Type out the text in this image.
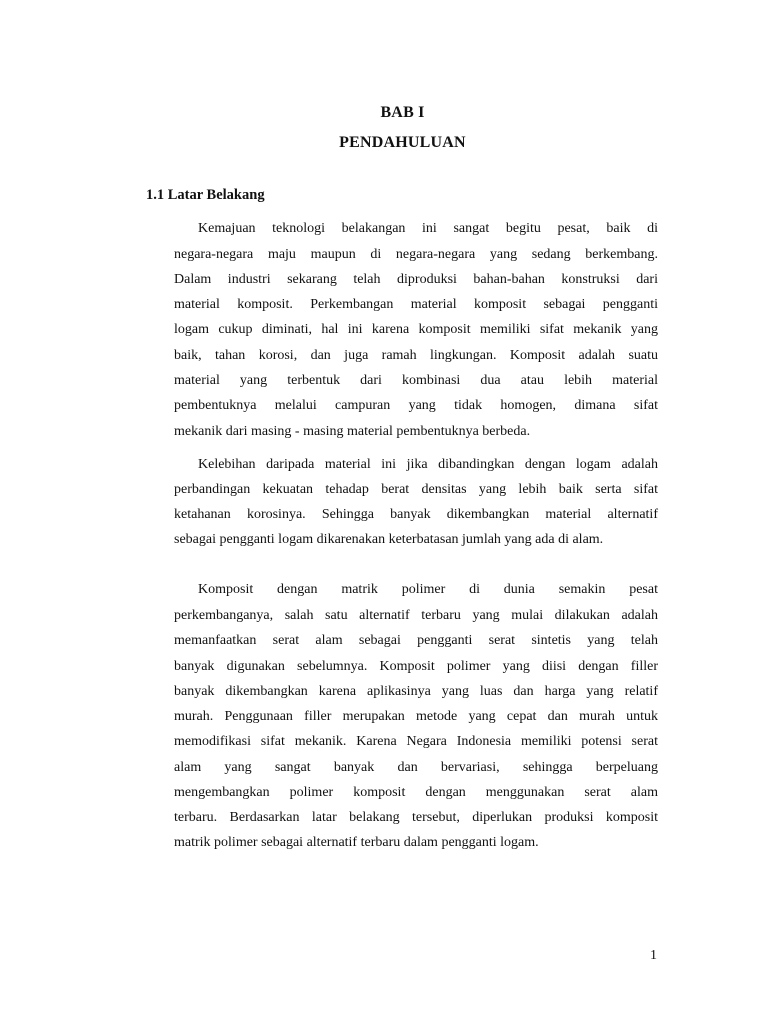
BAB I
PENDAHULUAN
1.1 Latar Belakang
Kemajuan teknologi belakangan ini sangat begitu pesat, baik di
negara-negara maju maupun di negara-negara yang sedang berkembang.
Dalam industri sekarang telah diproduksi bahan-bahan konstruksi dari
material komposit. Perkembangan material komposit sebagai pengganti
logam cukup diminati, hal ini karena komposit memiliki sifat mekanik yang
baik, tahan korosi, dan juga ramah lingkungan. Komposit adalah suatu
material yang terbentuk dari kombinasi dua atau lebih material
pembentuknya melalui campuran yang tidak homogen, dimana sifat
mekanik dari masing - masing material pembentuknya berbeda.
Kelebihan daripada material ini jika dibandingkan dengan logam adalah
perbandingan kekuatan tehadap berat densitas yang lebih baik serta sifat
ketahanan korosinya. Sehingga banyak dikembangkan material alternatif
sebagai pengganti logam dikarenakan keterbatasan jumlah yang ada di alam.
Komposit dengan matrik polimer di dunia semakin pesat
perkembanganya, salah satu alternatif terbaru yang mulai dilakukan adalah
memanfaatkan serat alam sebagai pengganti serat sintetis yang telah
banyak digunakan sebelumnya. Komposit polimer yang diisi dengan filler
banyak dikembangkan karena aplikasinya yang luas dan harga yang relatif
murah. Penggunaan filler merupakan metode yang cepat dan murah untuk
memodifikasi sifat mekanik. Karena Negara Indonesia memiliki potensi serat
alam yang sangat banyak dan bervariasi, sehingga berpeluang
mengembangkan polimer komposit dengan menggunakan serat alam
terbaru. Berdasarkan latar belakang tersebut, diperlukan produksi komposit
matrik polimer sebagai alternatif terbaru dalam pengganti logam.
1
